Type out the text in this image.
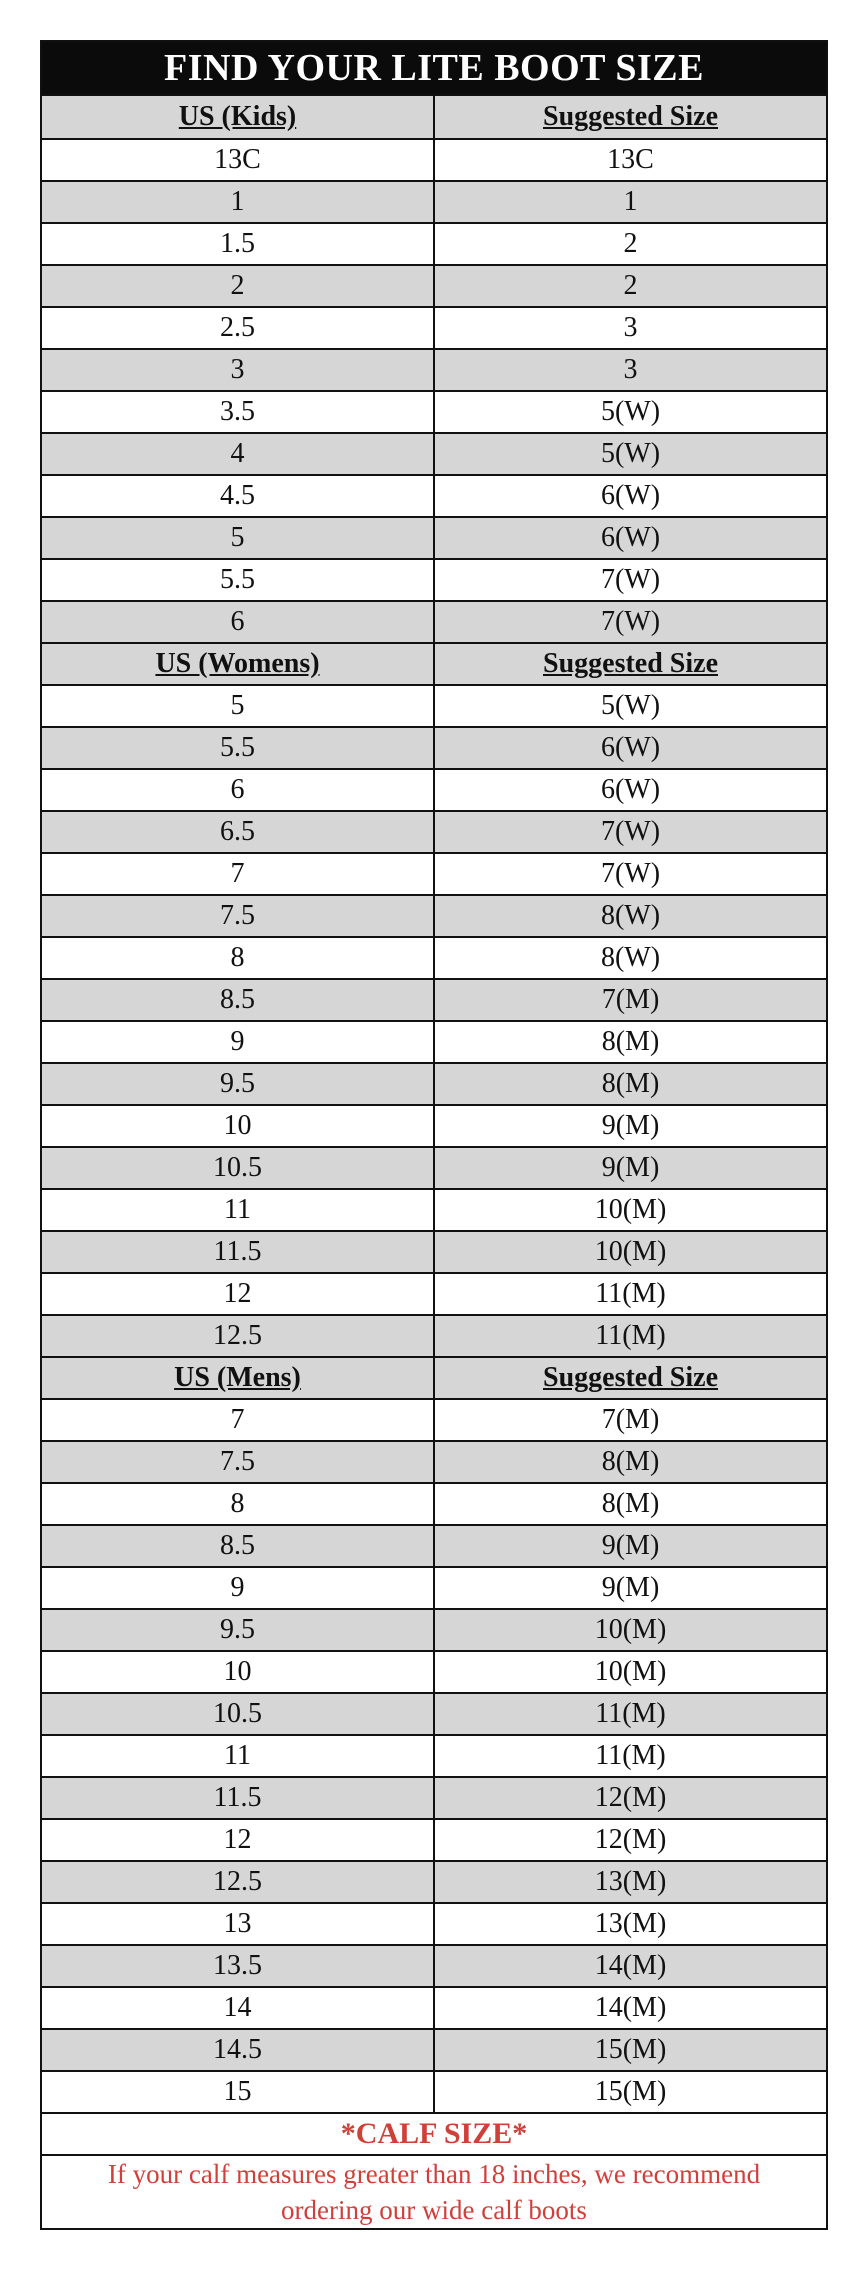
FIND YOUR LITE BOOT SIZE
US (Kids)	Suggested Size
13C	13C
1	1
1.5	2
2	2
2.5	3
3	3
3.5	5(W)
4	5(W)
4.5	6(W)
5	6(W)
5.5	7(W)
6	7(W)
US (Womens)	Suggested Size
5	5(W)
5.5	6(W)
6	6(W)
6.5	7(W)
7	7(W)
7.5	8(W)
8	8(W)
8.5	7(M)
9	8(M)
9.5	8(M)
10	9(M)
10.5	9(M)
11	10(M)
11.5	10(M)
12	11(M)
12.5	11(M)
US (Mens)	Suggested Size
7	7(M)
7.5	8(M)
8	8(M)
8.5	9(M)
9	9(M)
9.5	10(M)
10	10(M)
10.5	11(M)
11	11(M)
11.5	12(M)
12	12(M)
12.5	13(M)
13	13(M)
13.5	14(M)
14	14(M)
14.5	15(M)
15	15(M)
*CALF SIZE*
If your calf measures greater than 18 inches, we recommend ordering our wide calf boots
